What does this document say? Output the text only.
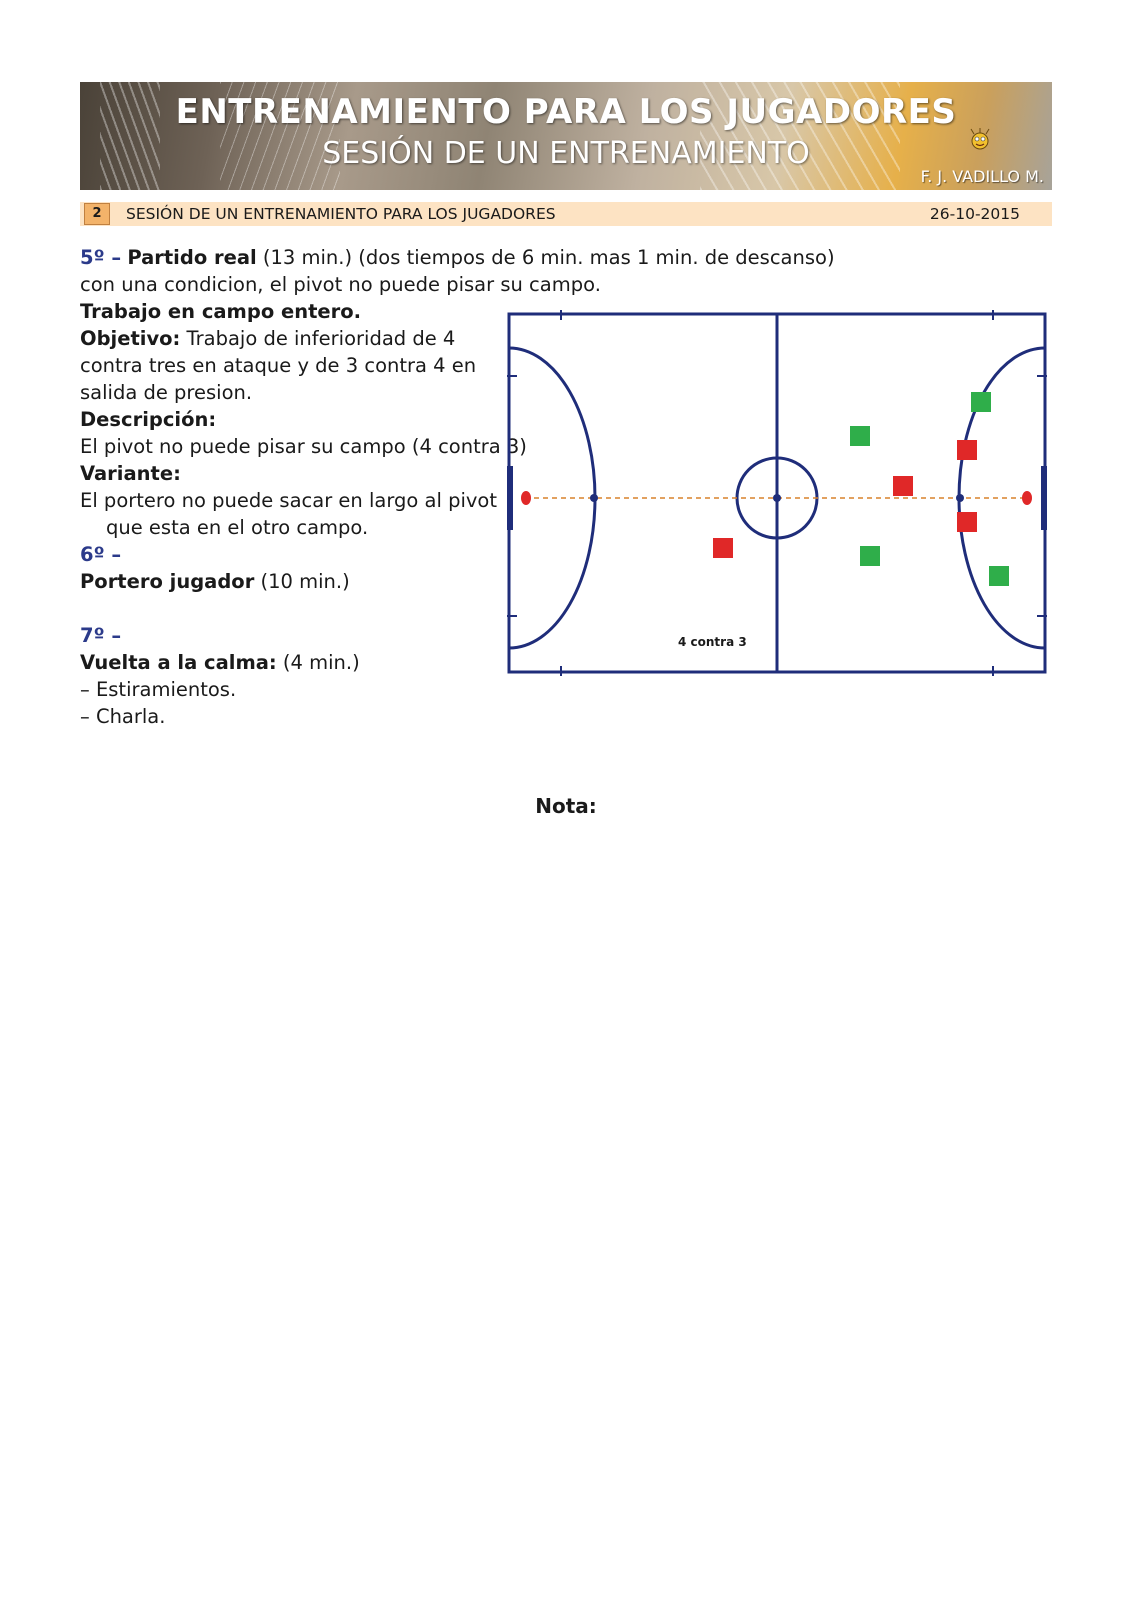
ENTRENAMIENTO PARA LOS JUGADORES
SESIÓN DE UN ENTRENAMIENTO
F. J. VADILLO M.
2	SESIÓN DE UN ENTRENAMIENTO PARA LOS JUGADORES	26-10-2015
5º – Partido real (13 min.) (dos tiempos de 6 min. mas 1 min. de descanso)
con una condicion, el pivot no puede pisar su campo.
Trabajo en campo entero.
Objetivo: Trabajo de inferioridad de 4
contra tres en ataque y de 3 contra 4 en
salida de presion.
Descripción:
El pivot no puede pisar su campo (4 contra 3)
Variante:
El portero no puede sacar en largo al pivot
que esta en el otro campo.
6º –
Portero jugador (10 min.)
7º –
Vuelta a la calma: (4 min.)
– Estiramientos.
– Charla.
4 contra 3
Nota:
